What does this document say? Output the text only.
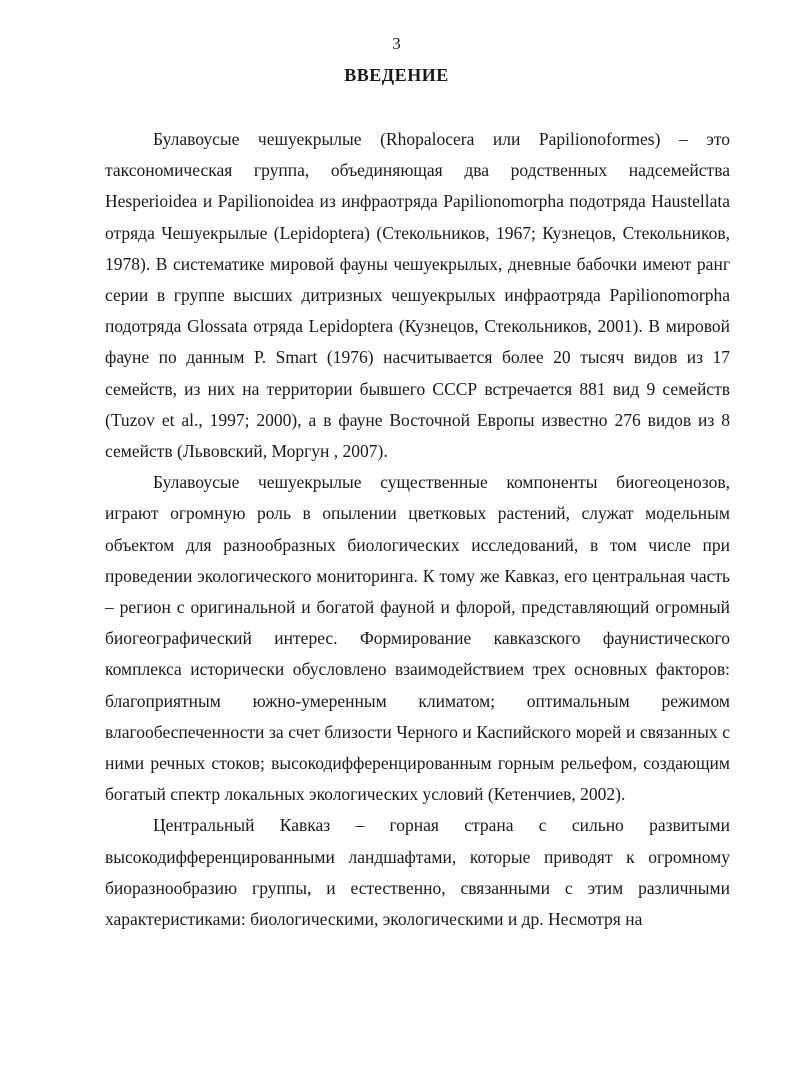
3
ВВЕДЕНИЕ

Булавоусые чешуекрылые (Rhopalocera или Papilionoformes) – это таксономическая группа, объединяющая два родственных надсемейства Hesperioidea и Papilionoidea из инфраотряда Papilionomorpha подотряда Haustellata отряда Чешуекрылые (Lepidoptera) (Стекольников, 1967; Кузнецов, Стекольников, 1978). В систематике мировой фауны чешуекрылых, дневные бабочки имеют ранг серии в группе высших дитризных чешуекрылых инфраотряда Papilionomorpha подотряда Glossata отряда Lepidoptera (Кузнецов, Стекольников, 2001). В мировой фауне по данным P. Smart (1976) насчитывается более 20 тысяч видов из 17 семейств, из них на территории бывшего СССР встречается 881 вид 9 семейств (Tuzov et al., 1997; 2000), а в фауне Восточной Европы известно 276 видов из 8 семейств (Львовский, Моргун , 2007).

Булавоусые чешуекрылые существенные компоненты биогеоценозов, играют огромную роль в опылении цветковых растений, служат модельным объектом для разнообразных биологических исследований, в том числе при проведении экологического мониторинга. К тому же Кавказ, его центральная часть – регион с оригинальной и богатой фауной и флорой, представляющий огромный биогеографический интерес. Формирование кавказского фаунистического комплекса исторически обусловлено взаимодействием трех основных факторов: благоприятным южно-умеренным климатом; оптимальным режимом влагообеспеченности за счет близости Черного и Каспийского морей и связанных с ними речных стоков; высокодифференцированным горным рельефом, создающим богатый спектр локальных экологических условий (Кетенчиев, 2002).

Центральный Кавказ – горная страна с сильно развитыми высокодифференцированными ландшафтами, которые приводят к огромному биоразнообразию группы, и естественно, связанными с этим различными характеристиками: биологическими, экологическими и др. Несмотря на
